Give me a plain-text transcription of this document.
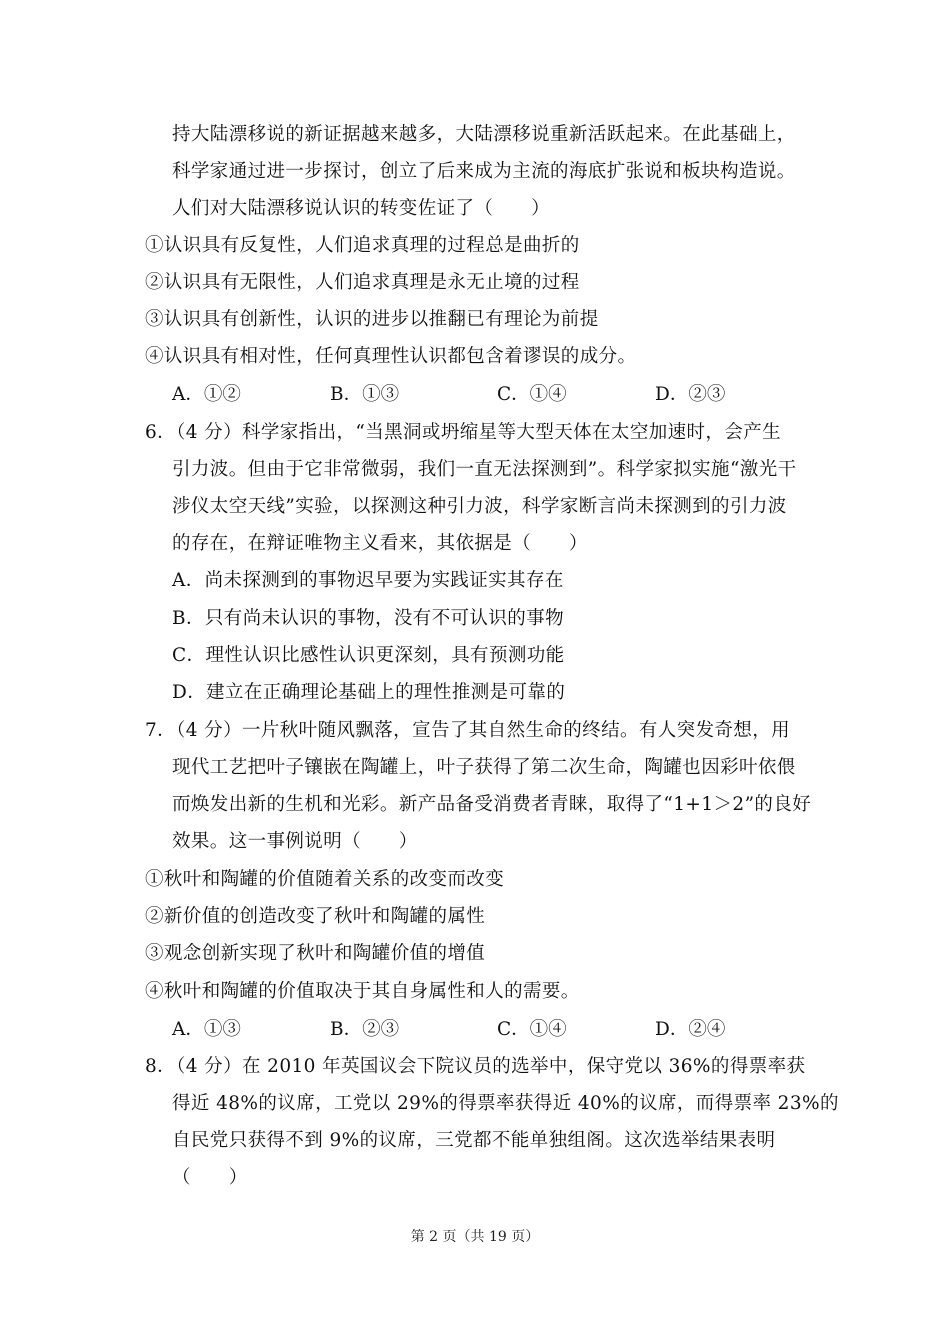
持大陆漂移说的新证据越来越多，大陆漂移说重新活跃起来。在此基础上，
科学家通过进一步探讨，创立了后来成为主流的海底扩张说和板块构造说。
人们对大陆漂移说认识的转变佐证了（　　）
①认识具有反复性，人们追求真理的过程总是曲折的
②认识具有无限性，人们追求真理是永无止境的过程
③认识具有创新性，认识的进步以推翻已有理论为前提
④认识具有相对性，任何真理性认识都包含着谬误的成分。
A．①②	B．①③	C．①④	D．②③
6．（4 分）科学家指出，“当黑洞或坍缩星等大型天体在太空加速时，会产生
引力波。但由于它非常微弱，我们一直无法探测到”。科学家拟实施“激光干
涉仪太空天线”实验，以探测这种引力波，科学家断言尚未探测到的引力波
的存在，在辩证唯物主义看来，其依据是（　　）
A．尚未探测到的事物迟早要为实践证实其存在
B．只有尚未认识的事物，没有不可认识的事物
C．理性认识比感性认识更深刻，具有预测功能
D．建立在正确理论基础上的理性推测是可靠的
7．（4 分）一片秋叶随风飘落，宣告了其自然生命的终结。有人突发奇想，用
现代工艺把叶子镶嵌在陶罐上，叶子获得了第二次生命，陶罐也因彩叶依偎
而焕发出新的生机和光彩。新产品备受消费者青睐，取得了“1+1＞2”的良好
效果。这一事例说明（　　）
①秋叶和陶罐的价值随着关系的改变而改变
②新价值的创造改变了秋叶和陶罐的属性
③观念创新实现了秋叶和陶罐价值的增值
④秋叶和陶罐的价值取决于其自身属性和人的需要。
A．①③	B．②③	C．①④	D．②④
8．（4 分）在 2010 年英国议会下院议员的选举中，保守党以 36%的得票率获
得近 48%的议席，工党以 29%的得票率获得近 40%的议席，而得票率 23%的
自民党只获得不到 9%的议席，三党都不能单独组阁。这次选举结果表明
（　　）
第 2 页（共 19 页）
